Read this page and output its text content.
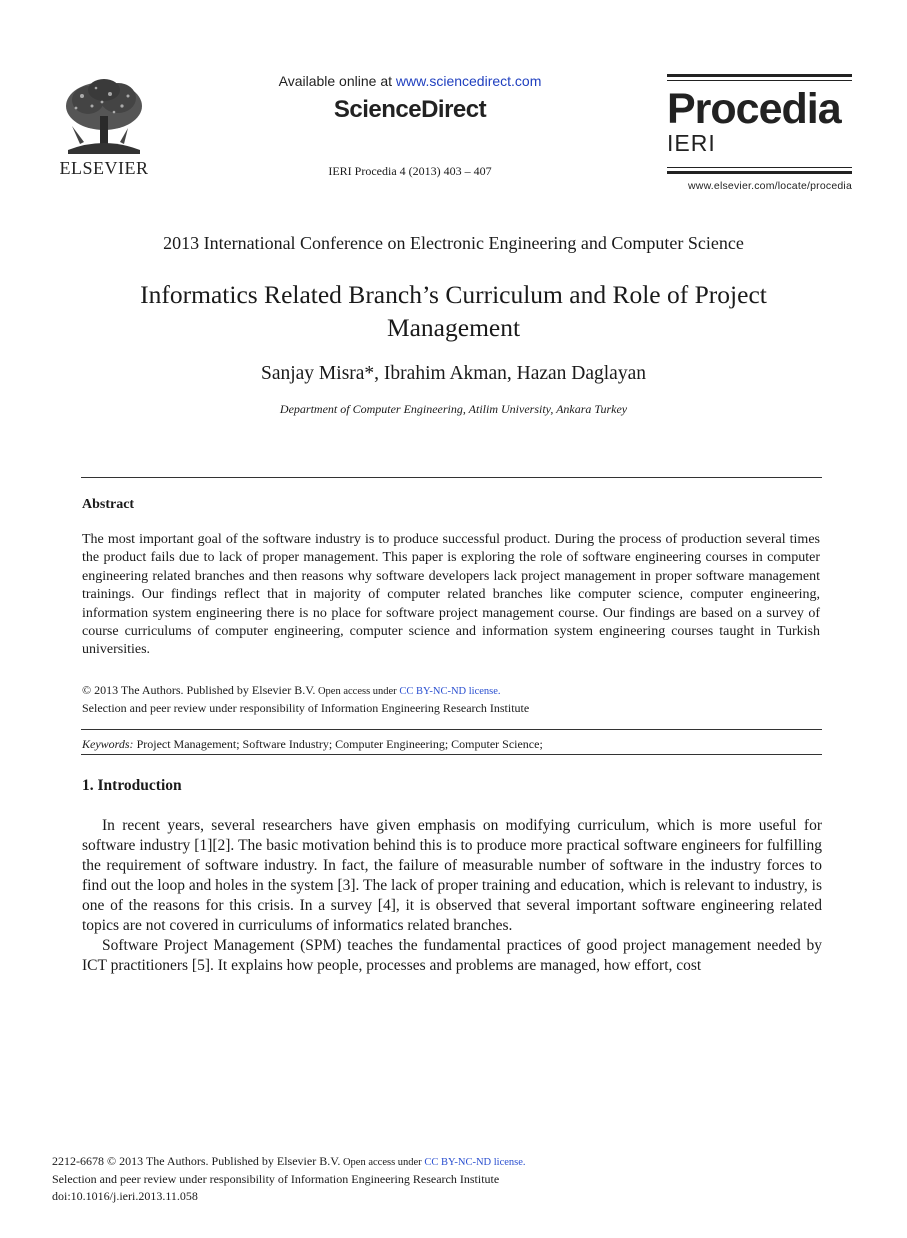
ELSEVIER
Available online at www.sciencedirect.com
ScienceDirect
IERI Procedia 4 (2013) 403 – 407
Procedia
IERI
www.elsevier.com/locate/procedia
2013 International Conference on Electronic Engineering and Computer Science
Informatics Related Branch’s Curriculum and Role of Project
Management
Sanjay Misra*, Ibrahim Akman, Hazan Daglayan
Department of Computer Engineering, Atilim University, Ankara Turkey
Abstract
The most important goal of the software industry is to produce successful product. During the process of production several times the product fails due to lack of proper management. This paper is exploring the role of software engineering courses in computer engineering related branches and then reasons why software developers lack project management in proper software management trainings. Our findings reflect that in majority of computer related branches like computer science, computer engineering, information system engineering there is no place for software project management course. Our findings are based on a survey of course curriculums of computer engineering, computer science and information system engineering courses taught in Turkish universities.
© 2013 The Authors. Published by Elsevier B.V. Open access under CC BY-NC-ND license.
Selection and peer review under responsibility of Information Engineering Research Institute
Keywords: Project Management; Software Industry; Computer Engineering; Computer Science;
1. Introduction

In recent years, several researchers have given emphasis on modifying curriculum, which is more useful for software industry [1][2]. The basic motivation behind this is to produce more practical software engineers for fulfilling the requirement of software industry. In fact, the failure of measurable number of software in the industry forces to find out the loop and holes in the system [3]. The lack of proper training and education, which is relevant to industry, is one of the reasons for this crisis. In a survey [4], it is observed that several important software engineering related topics are not covered in curriculums of informatics related branches.

Software Project Management (SPM) teaches the fundamental practices of good project management needed by ICT practitioners [5]. It explains how people, processes and problems are managed, how effort, cost

2212-6678 © 2013 The Authors. Published by Elsevier B.V. Open access under CC BY-NC-ND license.
Selection and peer review under responsibility of Information Engineering Research Institute
doi:10.1016/j.ieri.2013.11.058
